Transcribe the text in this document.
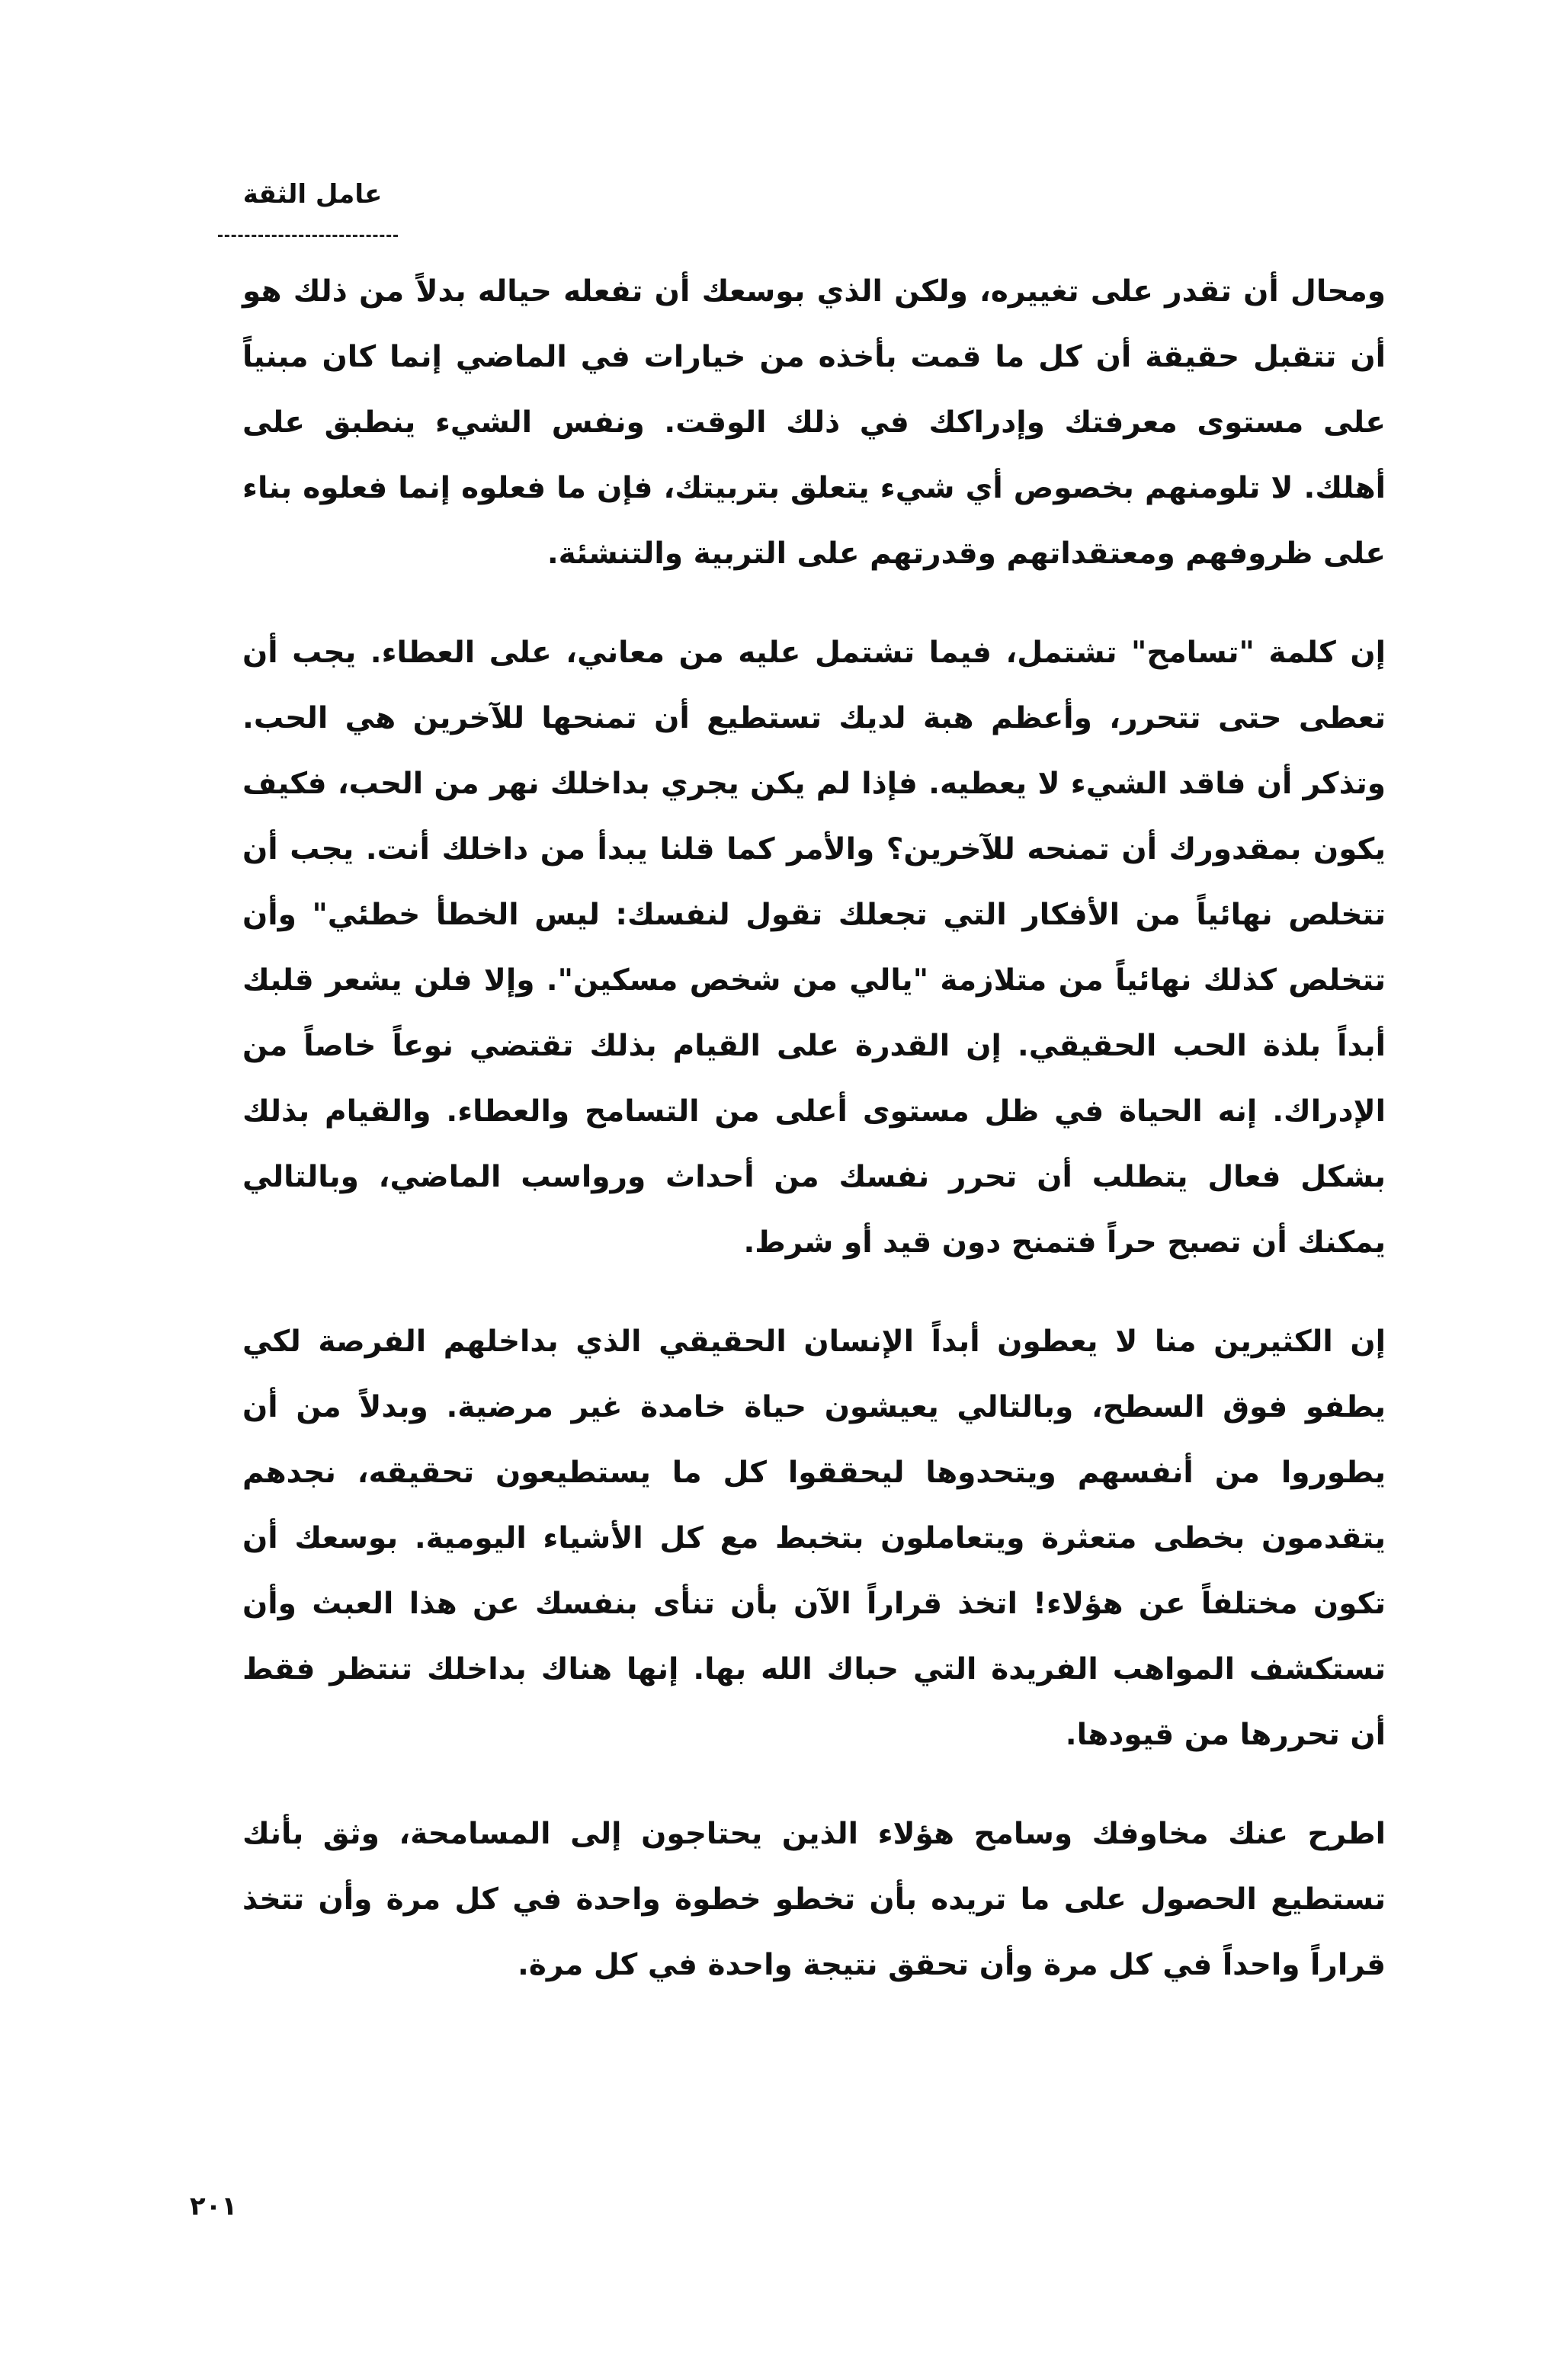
عامل الثقة

ومحال أن تقدر على تغييره، ولكن الذي بوسعك أن تفعله حياله بدلاً من ذلك هو أن تتقبل حقيقة أن كل ما قمت بأخذه من خيارات في الماضي إنما كان مبنياً على مستوى معرفتك وإدراكك في ذلك الوقت. ونفس الشيء ينطبق على أهلك. لا تلومنهم بخصوص أي شيء يتعلق بتربيتك، فإن ما فعلوه إنما فعلوه بناء على ظروفهم ومعتقداتهم وقدرتهم على التربية والتنشئة.

إن كلمة "تسامح" تشتمل، فيما تشتمل عليه من معاني، على العطاء. يجب أن تعطى حتى تتحرر، وأعظم هبة لديك تستطيع أن تمنحها للآخرين هي الحب. وتذكر أن فاقد الشيء لا يعطيه. فإذا لم يكن يجري بداخلك نهر من الحب، فكيف يكون بمقدورك أن تمنحه للآخرين؟ والأمر كما قلنا يبدأ من داخلك أنت. يجب أن تتخلص نهائياً من الأفكار التي تجعلك تقول لنفسك: ليس الخطأ خطئي" وأن تتخلص كذلك نهائياً من متلازمة "يالي من شخص مسكين". وإلا فلن يشعر قلبك أبداً بلذة الحب الحقيقي. إن القدرة على القيام بذلك تقتضي نوعاً خاصاً من الإدراك. إنه الحياة في ظل مستوى أعلى من التسامح والعطاء. والقيام بذلك بشكل فعال يتطلب أن تحرر نفسك من أحداث ورواسب الماضي، وبالتالي يمكنك أن تصبح حراً فتمنح دون قيد أو شرط.

إن الكثيرين منا لا يعطون أبداً الإنسان الحقيقي الذي بداخلهم الفرصة لكي يطفو فوق السطح، وبالتالي يعيشون حياة خامدة غير مرضية. وبدلاً من أن يطوروا من أنفسهم ويتحدوها ليحققوا كل ما يستطيعون تحقيقه، نجدهم يتقدمون بخطى متعثرة ويتعاملون بتخبط مع كل الأشياء اليومية. بوسعك أن تكون مختلفاً عن هؤلاء! اتخذ قراراً الآن بأن تنأى بنفسك عن هذا العبث وأن تستكشف المواهب الفريدة التي حباك الله بها. إنها هناك بداخلك تنتظر فقط أن تحررها من قيودها.

اطرح عنك مخاوفك وسامح هؤلاء الذين يحتاجون إلى المسامحة، وثق بأنك تستطيع الحصول على ما تريده بأن تخطو خطوة واحدة في كل مرة وأن تتخذ قراراً واحداً في كل مرة وأن تحقق نتيجة واحدة في كل مرة.

٢٠١
